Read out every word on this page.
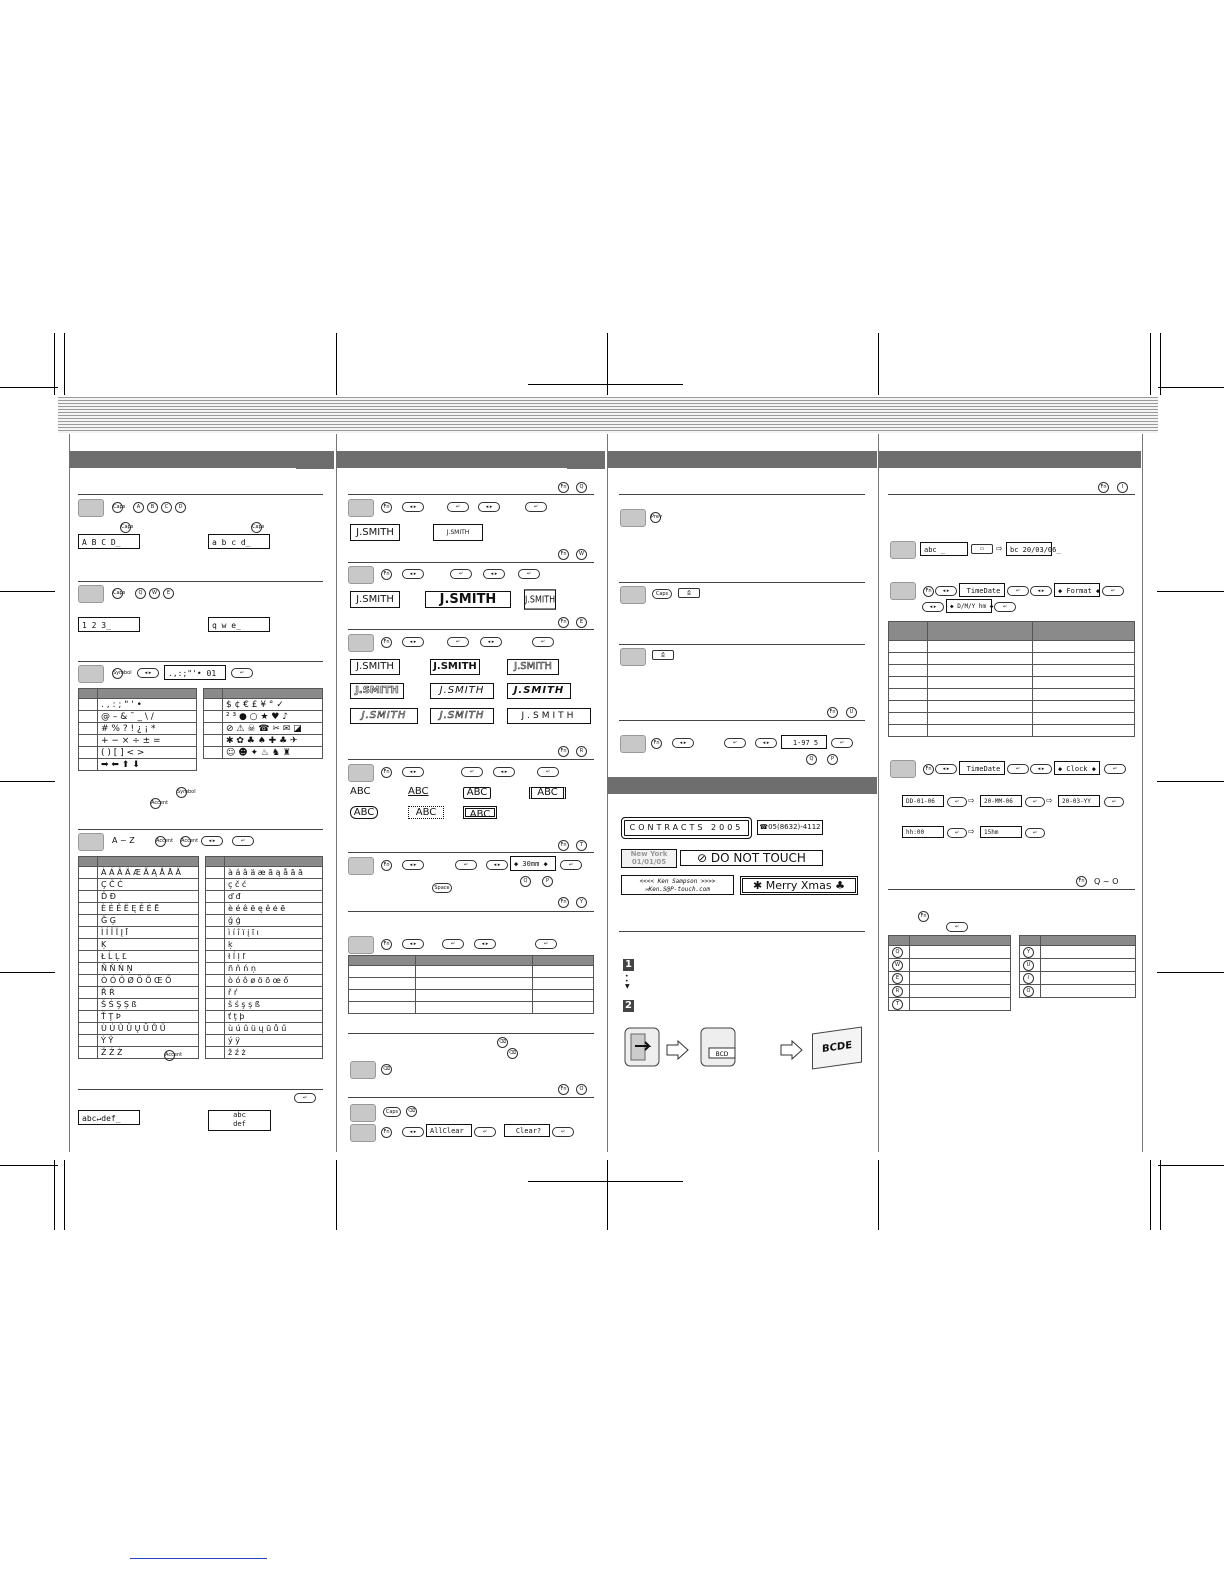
Caps	A	B	C	D
Caps	Caps
A B C D_	a b c d_
Caps	Q	W	E
1 2 3_	q w e_
Symbol	◂ ▸	.,:;"'• 01	↵

	. , : ; " ' •
	@ – & ¯ _ \ /
	# % ? ! ¿ ¡ *
	+ − × ÷ ± =
	( ) [ ] < >
	➡ ⬅ ⬆ ⬇

	$ ¢ € £ ¥ ° ✓
	² ³ ● ○ ★ ♥ ♪
	⊘ ⚠ ☠ ☎ ✂ ✉ ◪
	✱ ✿ ♣ ♠ ✚ ♣ ✈
	☺ ☻ ✦ ♨ ♞ ♜
Symbol
Accent
A ~ Z	Accent Accent	◂ ▸	↵

	À Á Â Ä Æ Ã Ą Å Ā Ă
	Ç Č Ć
	Ď Đ
	È É Ê Ë Ę Ě Ė Ē
	Ğ Ģ
	Ì Í Î Ï Į Ī
	Ķ
	Ł Ĺ Ļ Ľ
	Ñ Ň Ń Ņ
	Ò Ó Ô Ø Ö Õ Œ Ő
	Ř Ŕ
	Š Ś Ş Ș ß
	Ť Ţ Þ
	Ù Ú Û Ü Ų Ū Ů Ű
	Ý Ÿ
	Ž Ź Ż

	à á â ä æ ã ą å ā ă
	ç č ć
	ď đ
	è é ê ë ę ě ė ē
	ğ ģ
	ì í î ï į ī ı
	ķ
	ł ĺ ļ ľ
	ñ ň ń ņ
	ò ó ô ø ö õ œ ő
	ř ŕ
	š ś ş ș ß
	ť ţ þ
	ù ú û ü ų ū ů ű
	ý ÿ
	ž ź ż
Accent
↵
abc↵def_	abc
def
Fn	Q
Fn	◂ ▸	↵	◂ ▸	↵
J.SMITH	J.SMITH
Fn	W
Fn	◂ ▸	↵	◂ ▸	↵
J.SMITH	J.SMITH	J.SMITH
Fn	E
Fn	◂ ▸	↵	◂ ▸	↵
J.SMITH	J.SMITH	J.SMITH
J.SMITH	J.SMITH	J.SMITH
J.SMITH	J.SMITH	J.SMITH
Fn	R
Fn	◂ ▸	↵	◂ ▸	↵
ABC	ABC	ABC	ABC
ABC	ABC	ABC
Fn	T
Fn	◂ ▸	↵	◂ ▸	◆ 30mm ◆	↵
Q	P
Space
Fn	Y
Fn	◂ ▸	↵	◂ ▸	↵

⌫
⌫
⌫
Fn	O
Caps	⌫
Fn	◂ ▸	AllClear	↵	Clear?	↵
Prev
Caps	⎙
⎙
Fn	U
Fn	◂ ▸	↵	◂ ▸	1-97 5	↵
Q	P
CONTRACTS 2005	☎05(8632)-4112
New York
01/01/05	⊘ DO NOT TOUCH
<<<< Ken Sampson >>>>
✉Ken.S@P-touch.com	✱ Merry Xmas ♣
1
•
•
▼
2
BCD	BCDE
Fn	I
abc _	▭	⇨	bc 20/03/06_
Fn	◂ ▸	TimeDate	↵	◂ ▸	◆ Format ◆	↵
◂ ▸	◆ D/M/Y hm ◆	↵

Fn	◂ ▸	TimeDate	↵	◂ ▸	◆ Clock ◆	↵
DD-01-06	↵	⇨	20-MM-06	↵	⇨	20-03-YY	↵
hh:00	↵	⇨	15hm	↵
Fn	Q ~ O
Fn
↵

Q	
W	
E	
R	
T	

Y	
U	
I	
O	
